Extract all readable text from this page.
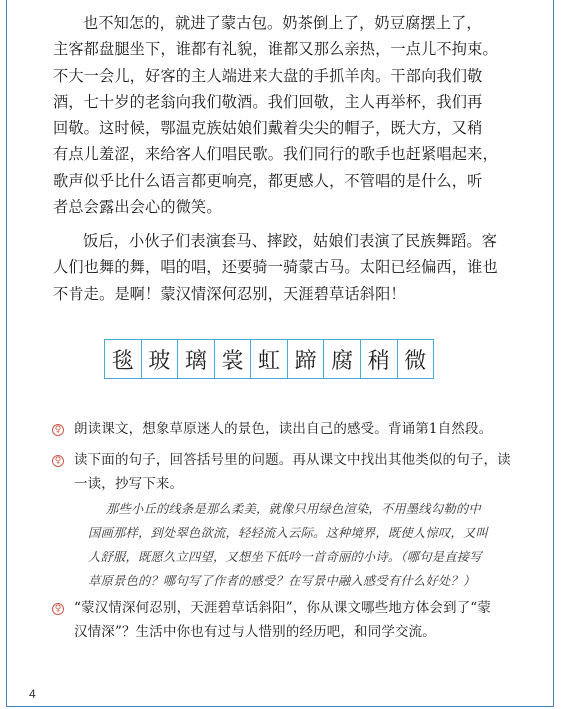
也不知怎的，就进了蒙古包。奶茶倒上了，奶豆腐摆上了，
主客都盘腿坐下，谁都有礼貌，谁都又那么亲热，一点儿不拘束。
不大一会儿，好客的主人端进来大盘的手抓羊肉。干部向我们敬
酒，七十岁的老翁向我们敬酒。我们回敬，主人再举杯，我们再
回敬。这时候，鄂温克族姑娘们戴着尖尖的帽子，既大方，又稍
有点儿羞涩，来给客人们唱民歌。我们同行的歌手也赶紧唱起来，
歌声似乎比什么语言都更响亮，都更感人，不管唱的是什么，听
者总会露出会心的微笑。
饭后，小伙子们表演套马、摔跤，姑娘们表演了民族舞蹈。客
人们也舞的舞，唱的唱，还要骑一骑蒙古马。太阳已经偏西，谁也
不肯走。是啊！蒙汉情深何忍别，天涯碧草话斜阳！
毯 玻 璃 裳 虹 蹄 腐 稍 微
♀ 朗读课文，想象草原迷人的景色，读出自己的感受。背诵第1自然段。
♀ 读下面的句子，回答括号里的问题。再从课文中找出其他类似的句子，读
一读，抄写下来。
那些小丘的线条是那么柔美，就像只用绿色渲染，不用墨线勾勒的中
国画那样，到处翠色欲流，轻轻流入云际。这种境界，既使人惊叹，又叫
人舒服，既愿久立四望，又想坐下低吟一首奇丽的小诗。（哪句是直接写
草原景色的？哪句写了作者的感受？在写景中融入感受有什么好处？）
♀ “蒙汉情深何忍别，天涯碧草话斜阳”，你从课文哪些地方体会到了“蒙
汉情深”？生活中你也有过与人惜别的经历吧，和同学交流。
4
